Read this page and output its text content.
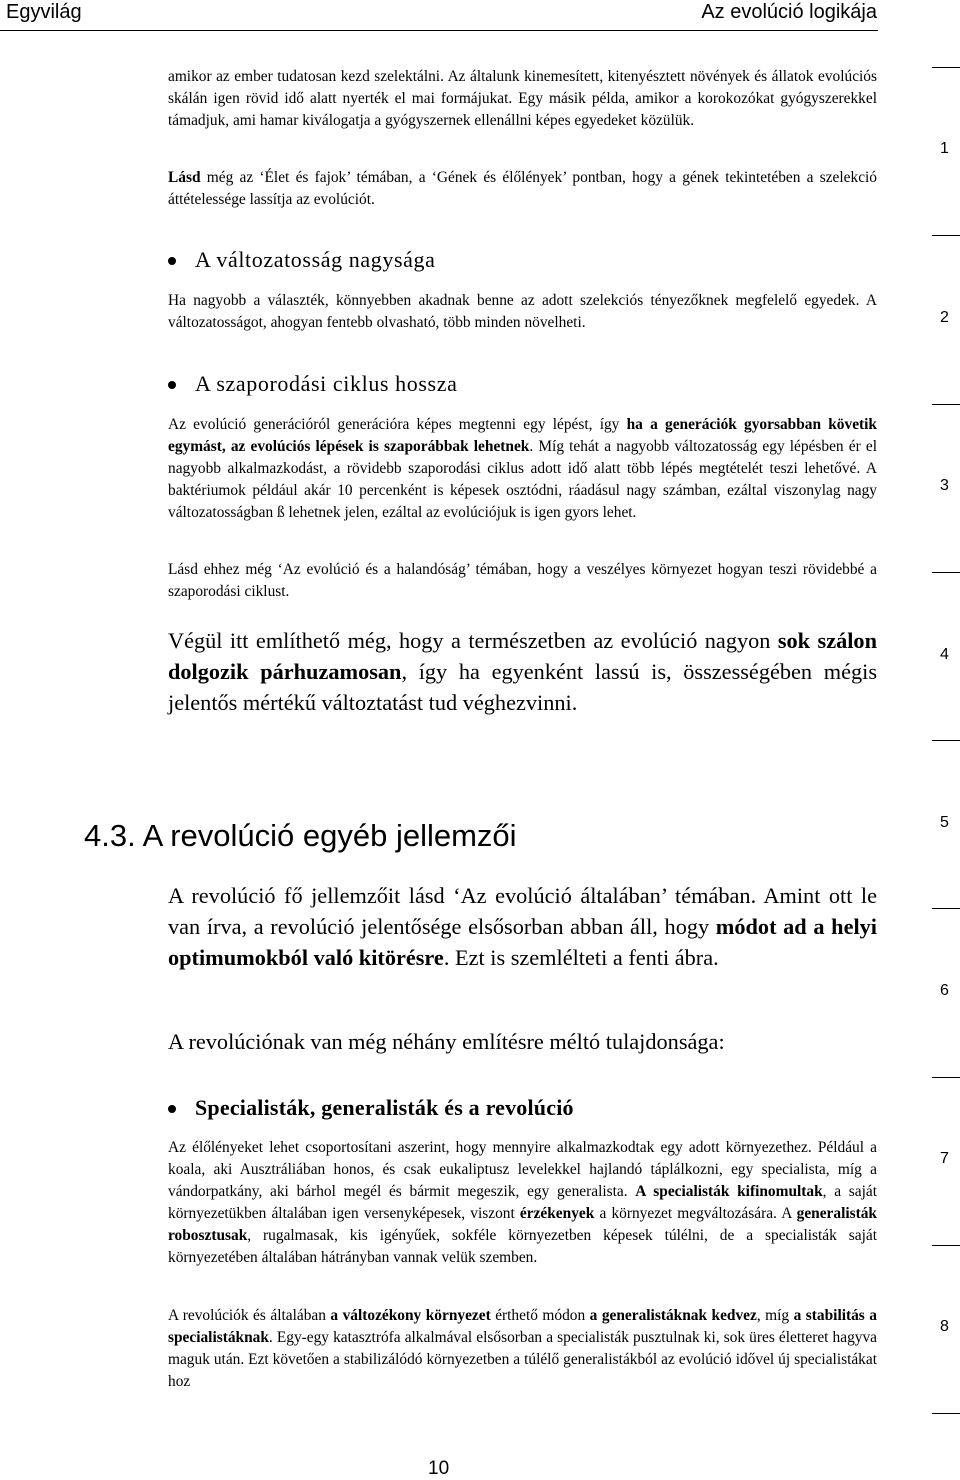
Egyvilág	Az evolúció logikája

amikor az ember tudatosan kezd szelektálni. Az általunk kinemesített, kitenyésztett növények és állatok evolúciós skálán igen rövid idő alatt nyerték el mai formájukat. Egy másik példa, amikor a korokozókat gyógyszerekkel támadjuk, ami hamar kiválogatja a gyógyszernek ellenállni képes egyedeket közülük.

Lásd még az ‘Élet és fajok’ témában, a ‘Gének és élőlények’ pontban, hogy a gének tekintetében a szelekció áttételessége lassítja az evolúciót.

A változatosság nagysága

Ha nagyobb a választék, könnyebben akadnak benne az adott szelekciós tényezőknek megfelelő egyedek. A változatosságot, ahogyan fentebb olvasható, több minden növelheti.

A szaporodási ciklus hossza

Az evolúció generációról generációra képes megtenni egy lépést, így ha a generációk gyorsabban követik egymást, az evolúciós lépések is szaporábbak lehetnek. Míg tehát a nagyobb változatosság egy lépésben ér el nagyobb alkalmazkodást, a rövidebb szaporodási ciklus adott idő alatt több lépés megtételét teszi lehetővé. A baktériumok például akár 10 percenként is képesek osztódni, ráadásul nagy számban, ezáltal viszonylag nagy változatosságban ß lehetnek jelen, ezáltal az evolúciójuk is igen gyors lehet.

Lásd ehhez még ‘Az evolúció és a halandóság’ témában, hogy a veszélyes környezet hogyan teszi rövidebbé a szaporodási ciklust.

Végül itt említhető még, hogy a természetben az evolúció nagyon sok szálon dolgozik párhuzamosan, így ha egyenként lassú is, összességében mégis jelentős mértékű változtatást tud véghezvinni.

4.3. A revolúció egyéb jellemzői

A revolúció fő jellemzőit lásd ‘Az evolúció általában’ témában. Amint ott le van írva, a revolúció jelentősége elsősorban abban áll, hogy módot ad a helyi optimumokból való kitörésre. Ezt is szemlélteti a fenti ábra.

A revolúciónak van még néhány említésre méltó tulajdonsága:

Specialisták, generalisták és a revolúció

Az élőlényeket lehet csoportosítani aszerint, hogy mennyire alkalmazkodtak egy adott környezethez. Például a koala, aki Ausztráliában honos, és csak eukaliptusz levelekkel hajlandó táplálkozni, egy specialista, míg a vándorpatkány, aki bárhol megél és bármit megeszik, egy generalista. A specialisták kifinomultak, a saját környezetükben általában igen versenyképesek, viszont érzékenyek a környezet megváltozására. A generalisták robosztusak, rugalmasak, kis igényűek, sokféle környezetben képesek túlélni, de a specialisták saját környezetében általában hátrányban vannak velük szemben.

A revolúciók és általában a változékony környezet érthető módon a generalistáknak kedvez, míg a stabilitás a specialistáknak. Egy-egy katasztrófa alkalmával elsősorban a specialisták pusztulnak ki, sok üres életteret hagyva maguk után. Ezt követően a stabilizálódó környezetben a túlélő generalistákból az evolúció idővel új specialistákat hoz

1
2
3
4
5
6
7
8
10
